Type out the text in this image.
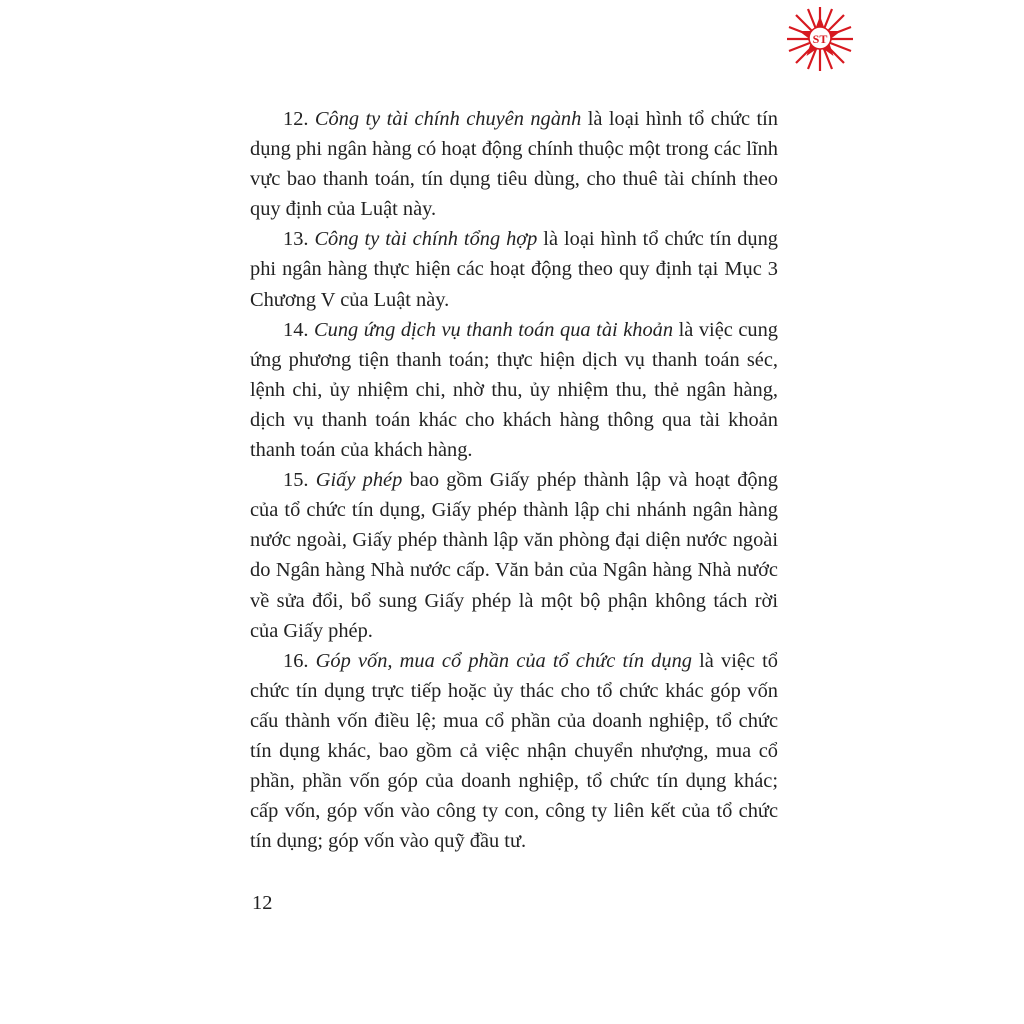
ST

12. Công ty tài chính chuyên ngành là loại hình tổ chức tín dụng phi ngân hàng có hoạt động chính thuộc một trong các lĩnh vực bao thanh toán, tín dụng tiêu dùng, cho thuê tài chính theo quy định của Luật này.

13. Công ty tài chính tổng hợp là loại hình tổ chức tín dụng phi ngân hàng thực hiện các hoạt động theo quy định tại Mục 3 Chương V của Luật này.

14. Cung ứng dịch vụ thanh toán qua tài khoản là việc cung ứng phương tiện thanh toán; thực hiện dịch vụ thanh toán séc, lệnh chi, ủy nhiệm chi, nhờ thu, ủy nhiệm thu, thẻ ngân hàng, dịch vụ thanh toán khác cho khách hàng thông qua tài khoản thanh toán của khách hàng.

15. Giấy phép bao gồm Giấy phép thành lập và hoạt động của tổ chức tín dụng, Giấy phép thành lập chi nhánh ngân hàng nước ngoài, Giấy phép thành lập văn phòng đại diện nước ngoài do Ngân hàng Nhà nước cấp. Văn bản của Ngân hàng Nhà nước về sửa đổi, bổ sung Giấy phép là một bộ phận không tách rời của Giấy phép.

16. Góp vốn, mua cổ phần của tổ chức tín dụng là việc tổ chức tín dụng trực tiếp hoặc ủy thác cho tổ chức khác góp vốn cấu thành vốn điều lệ; mua cổ phần của doanh nghiệp, tổ chức tín dụng khác, bao gồm cả việc nhận chuyển nhượng, mua cổ phần, phần vốn góp của doanh nghiệp, tổ chức tín dụng khác; cấp vốn, góp vốn vào công ty con, công ty liên kết của tổ chức tín dụng; góp vốn vào quỹ đầu tư.

12
